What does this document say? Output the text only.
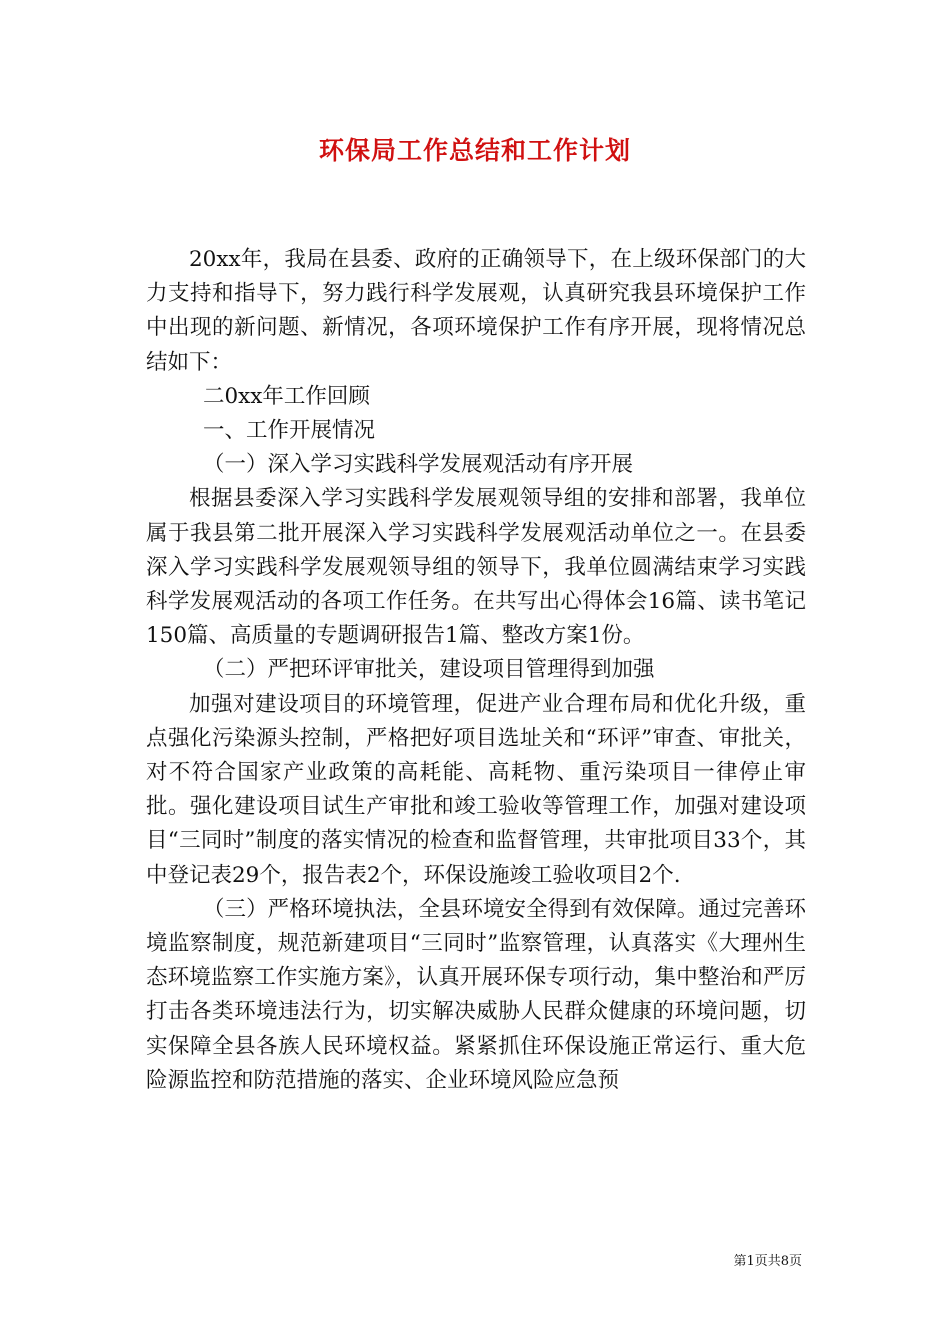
环保局工作总结和工作计划

20xx年，我局在县委、政府的正确领导下，在上级环保部门的大力支持和指导下，努力践行科学发展观，认真研究我县环境保护工作中出现的新问题、新情况，各项环境保护工作有序开展，现将情况总结如下：

二0xx年工作回顾

一、工作开展情况

（一）深入学习实践科学发展观活动有序开展

根据县委深入学习实践科学发展观领导组的安排和部署，我单位属于我县第二批开展深入学习实践科学发展观活动单位之一。在县委深入学习实践科学发展观领导组的领导下，我单位圆满结束学习实践科学发展观活动的各项工作任务。在共写出心得体会16篇、读书笔记150篇、高质量的专题调研报告1篇、整改方案1份。

（二）严把环评审批关，建设项目管理得到加强

加强对建设项目的环境管理，促进产业合理布局和优化升级，重点强化污染源头控制，严格把好项目选址关和“环评”审查、审批关，对不符合国家产业政策的高耗能、高耗物、重污染项目一律停止审批。强化建设项目试生产审批和竣工验收等管理工作，加强对建设项目“三同时”制度的落实情况的检查和监督管理，共审批项目33个，其中登记表29个，报告表2个，环保设施竣工验收项目2个.

（三）严格环境执法，全县环境安全得到有效保障。通过完善环境监察制度，规范新建项目“三同时”监察管理，认真落实《大理州生态环境监察工作实施方案》，认真开展环保专项行动，集中整治和严厉打击各类环境违法行为，切实解决威胁人民群众健康的环境问题，切实保障全县各族人民环境权益。紧紧抓住环保设施正常运行、重大危险源监控和防范措施的落实、企业环境风险应急预

第1页共8页
